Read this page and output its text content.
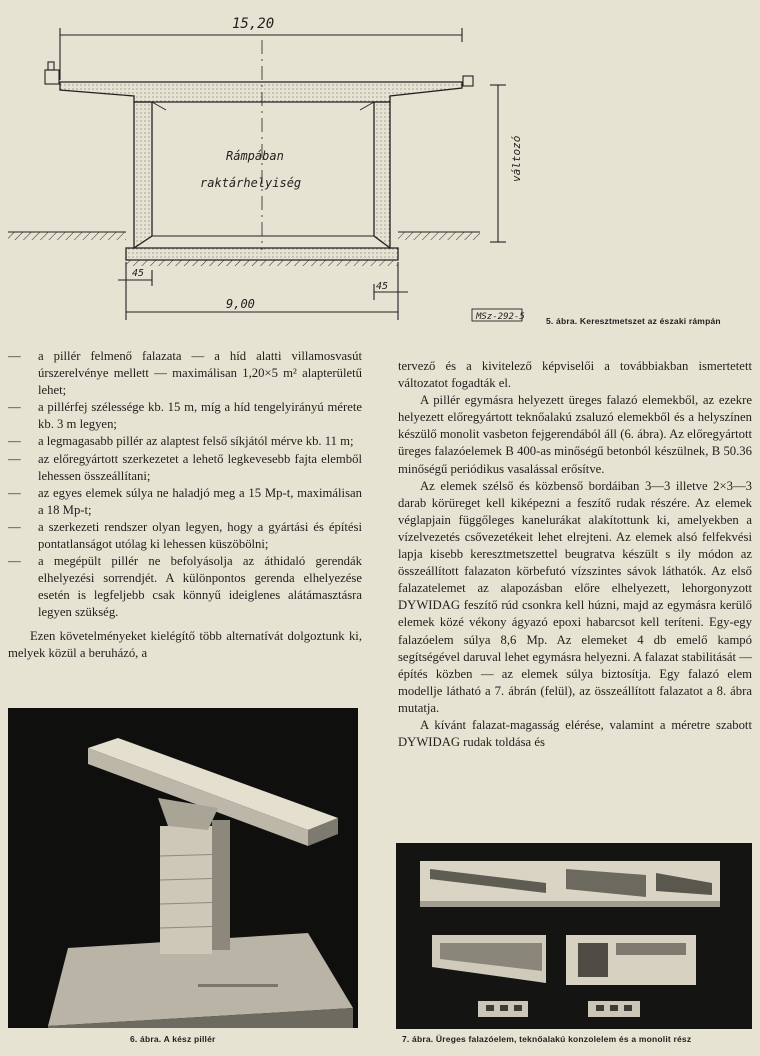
15,20
Rámpában
raktárhelyiség
változó
9,00
45
45
MSz-292-5 5. ábra. Keresztmetszet az északi rámpán
—	a pillér felmenő falazata — a híd alatti villamosvasút úrszerelvénye mellett — maximálisan 1,20×5 m² alapterületű lehet;
—	a pillérfej szélessége kb. 15 m, míg a híd tengelyirányú mérete kb. 3 m legyen;
—	a legmagasabb pillér az alaptest felső síkjától mérve kb. 11 m;
—	az előregyártott szerkezetet a lehető legkevesebb fajta elemből lehessen összeállítani;
—	az egyes elemek súlya ne haladjó meg a 15 Mp-t, maximálisan a 18 Mp-t;
—	a szerkezeti rendszer olyan legyen, hogy a gyártási és építési pontatlanságot utólag ki lehessen küszöbölni;
—	a megépült pillér ne befolyásolja az áthidaló gerendák elhelyezési sorrendjét. A különpontos gerenda elhelyezése esetén is legfeljebb csak könnyű ideiglenes alátámasztásra legyen szükség.

Ezen követelményeket kielégítő több alternatívát dolgoztunk ki, melyek közül a beruházó, a

tervező és a kivitelező képviselői a továbbiakban ismertetett változatot fogadták el.

A pillér egymásra helyezett üreges falazó elemekből, az ezekre helyezett előregyártott teknőalakú zsaluzó elemekből és a helyszínen készülő monolit vasbeton fejgerendából áll (6. ábra). Az előregyártott üreges falazóelemek B 400-as minőségű betonból készülnek, B 50.36 minőségű periódikus vasalással erősítve.

Az elemek szélső és közbenső bordáiban 3—3 illetve 2×3—3 darab körüreget kell kiképezni a feszítő rudak részére. Az elemek véglapjain függőleges kanelurákat alakítottunk ki, amelyekben a vízelvezetés csővezetékeit lehet elrejteni. Az elemek alsó felfekvési lapja kisebb keresztmetszettel beugratva készült s ily módon az összeállított falazaton körbefutó vízszintes sávok láthatók. Az első falazatelemet az alapozásban előre elhelyezett, lehorgonyzott DYWIDAG feszítő rúd csonkra kell húzni, majd az egymásra kerülő elemek közé vékony ágyazó epoxi habarcsot kell teríteni. Egy-egy falazóelem súlya 8,6 Mp. Az elemeket 4 db emelő kampó segítségével daruval lehet egymásra helyezni. A falazat stabilitását — építés közben — az elemek súlya biztosítja. Egy falazó elem modellje látható a 7. ábrán (felül), az összeállított falazatot a 8. ábra mutatja.

A kívánt falazat-magasság elérése, valamint a méretre szabott DYWIDAG rudak toldása és

6. ábra. A kész pillér	7. ábra. Üreges falazóelem, teknőalakú konzolelem és a monolit rész
